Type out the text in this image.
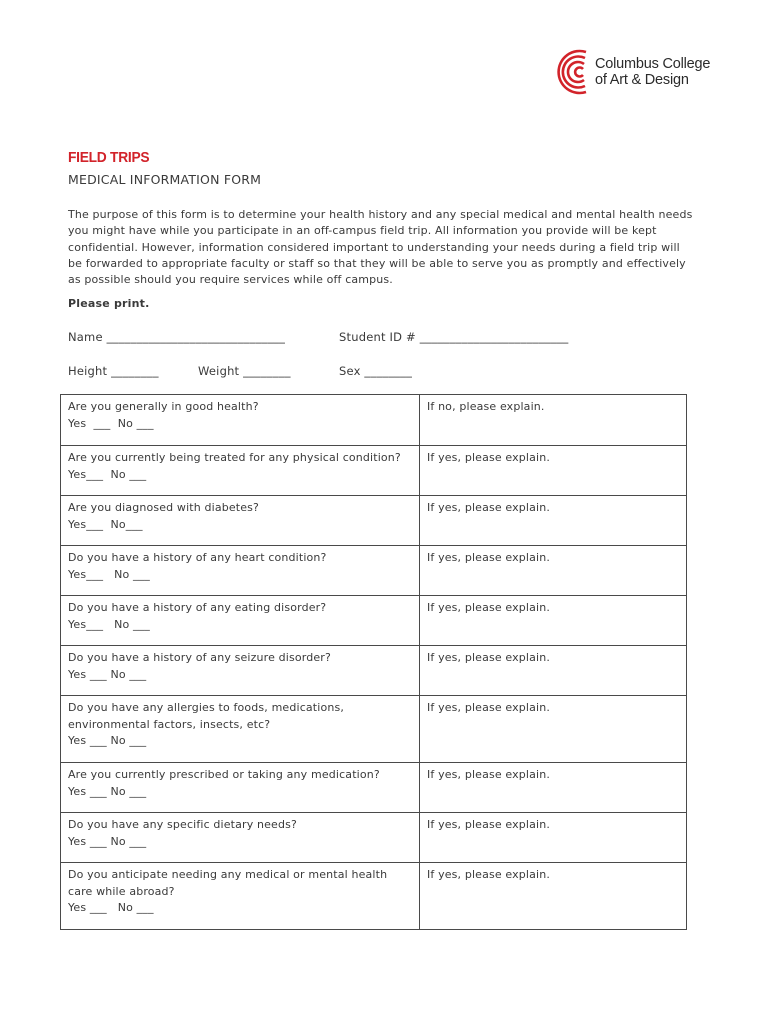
Columbus College
of Art & Design
FIELD TRIPS
MEDICAL INFORMATION FORM
The purpose of this form is to determine your health history and any special medical and mental health needs you might have while you participate in an off-campus field trip. All information you provide will be kept confidential. However, information considered important to understanding your needs during a field trip will be forwarded to appropriate faculty or staff so that they will be able to serve you as promptly and effectively as possible should you require services while off campus.
Please print.
Name ______________________________	Student ID # _________________________
Height ________	Weight ________	Sex ________
Are you generally in good health?
Yes  ___  No ___	If no, please explain.

Are you currently being treated for any physical condition?
Yes___  No ___	If yes, please explain.

Are you diagnosed with diabetes?
Yes___  No___	If yes, please explain.

Do you have a history of any heart condition?
Yes___   No ___	If yes, please explain.

Do you have a history of any eating disorder?
Yes___   No ___	If yes, please explain.

Do you have a history of any seizure disorder?
Yes ___ No ___	If yes, please explain.

Do you have any allergies to foods, medications, environmental factors, insects, etc?
Yes ___ No ___	If yes, please explain.

Are you currently prescribed or taking any medication?
Yes ___ No ___	If yes, please explain.

Do you have any specific dietary needs?
Yes ___ No ___	If yes, please explain.

Do you anticipate needing any medical or mental health care while abroad?
Yes ___   No ___	If yes, please explain.
